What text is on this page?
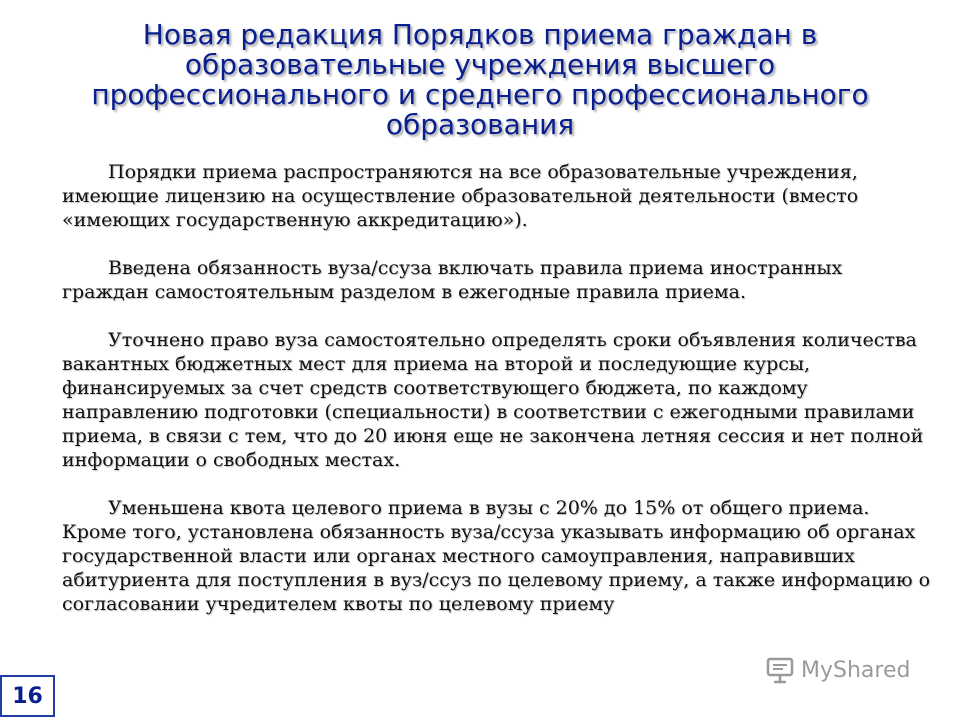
Новая редакция Порядков приема граждан в образовательные учреждения высшего профессионального и среднего профессионального образования

Порядки приема распространяются на все образовательные учреждения, имеющие лицензию на осуществление образовательной деятельности (вместо «имеющих государственную аккредитацию»).

Введена обязанность вуза/ссуза включать правила приема иностранных граждан самостоятельным разделом в ежегодные правила приема.

Уточнено право вуза самостоятельно определять сроки объявления количества вакантных бюджетных мест для приема на второй и последующие курсы, финансируемых за счет средств соответствующего бюджета, по каждому направлению подготовки (специальности) в соответствии с ежегодными правилами приема, в связи с тем, что до 20 июня еще не закончена летняя сессия и нет полной информации о свободных местах.

Уменьшена квота целевого приема в вузы с 20% до 15% от общего приема. Кроме того, установлена обязанность вуза/ссуза указывать информацию об органах государственной власти или органах местного самоуправления, направивших абитуриента для поступления в вуз/ссуз по целевому приему, а также информацию о согласовании учредителем квоты по целевому приему

16
MyShared
